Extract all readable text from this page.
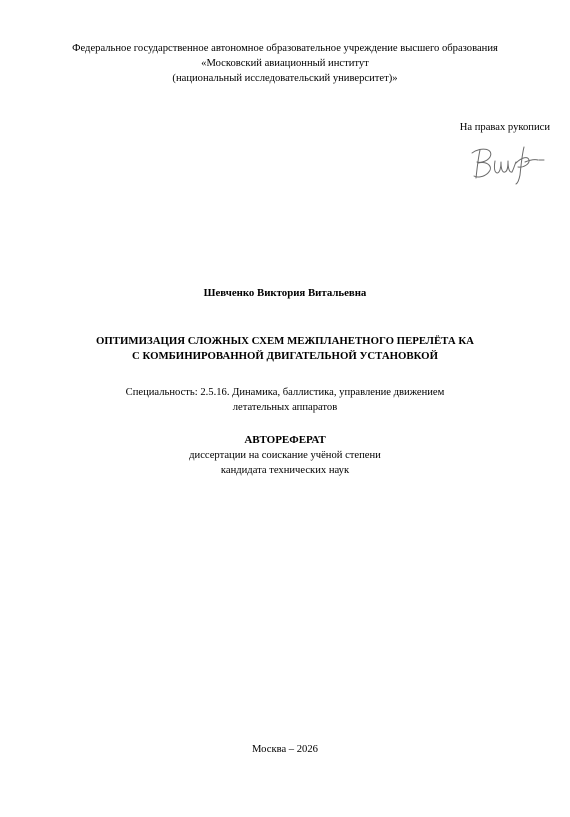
Федеральное государственное автономное образовательное учреждение высшего образования
«Московский авиационный институт
(национальный исследовательский университет)»
На правах рукописи
Шевченко Виктория Витальевна
ОПТИМИЗАЦИЯ СЛОЖНЫХ СХЕМ МЕЖПЛАНЕТНОГО ПЕРЕЛЁТА КА
С КОМБИНИРОВАННОЙ ДВИГАТЕЛЬНОЙ УСТАНОВКОЙ
Специальность: 2.5.16. Динамика, баллистика, управление движением
летательных аппаратов
АВТОРЕФЕРАТ
диссертации на соискание учёной степени
кандидата технических наук
Москва – 2026
